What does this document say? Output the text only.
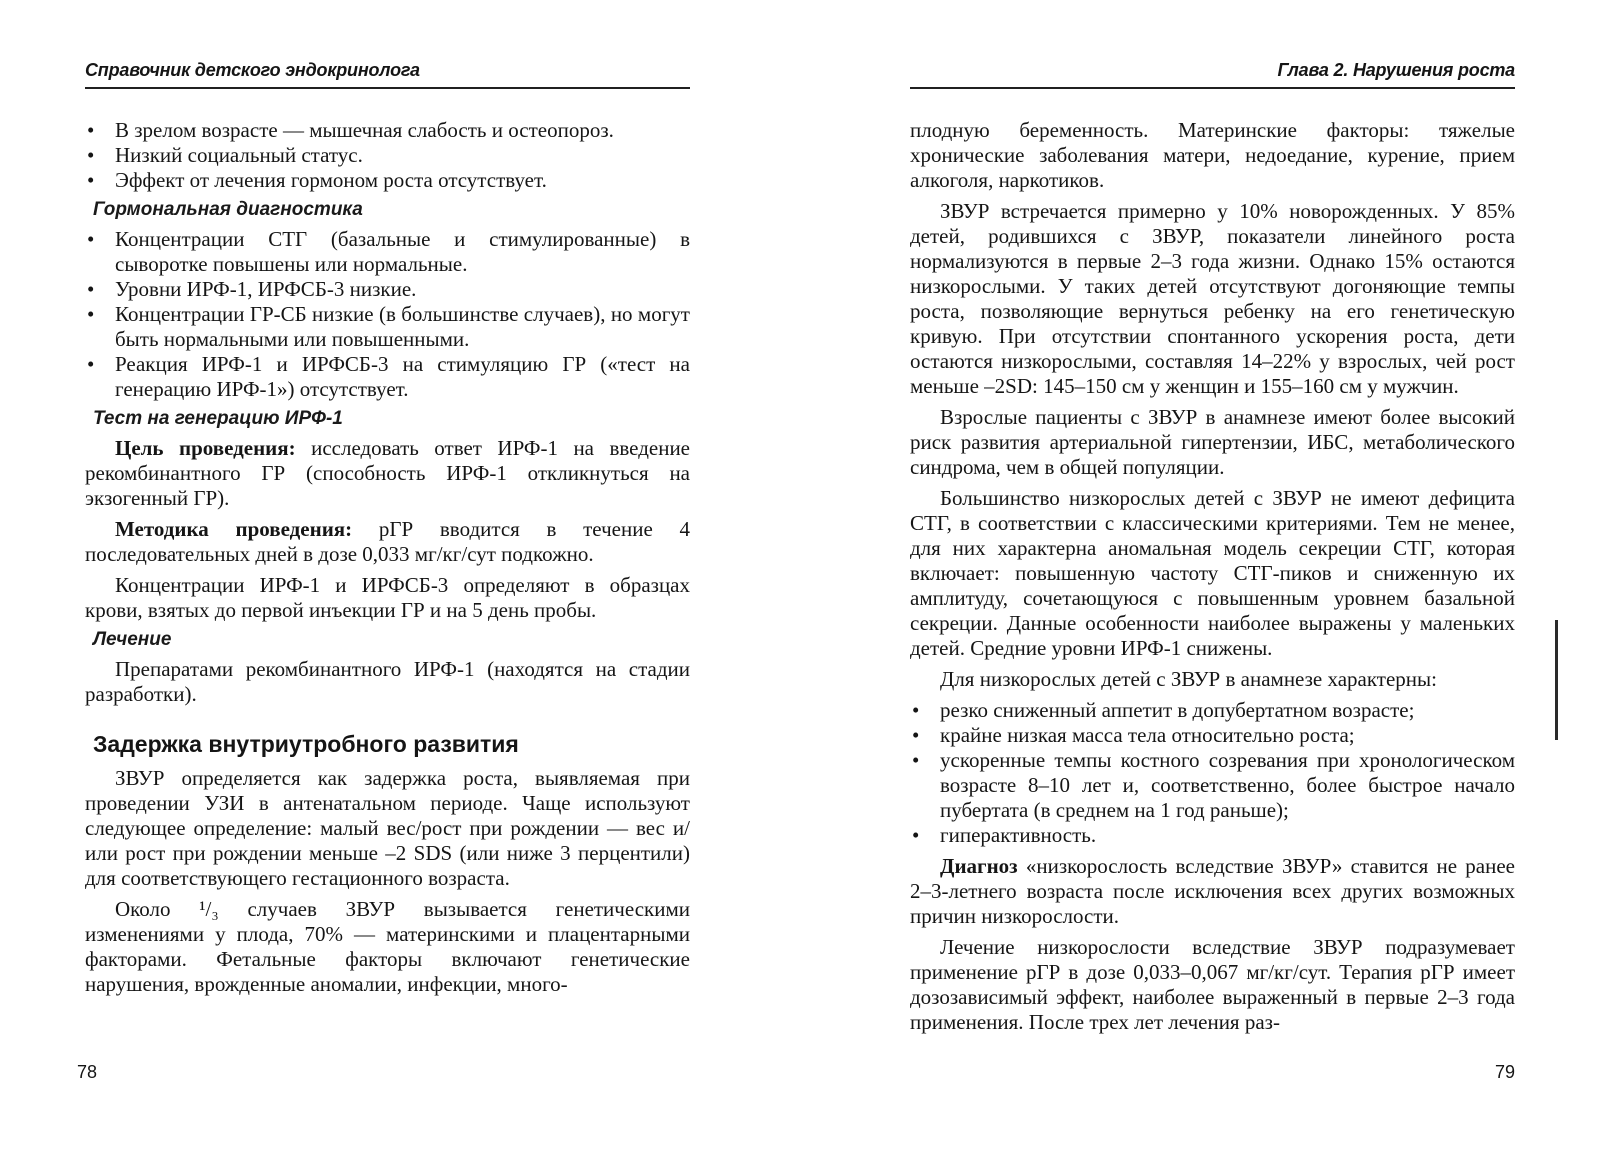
Справочник детского эндокринолога
• В зрелом возрасте — мышечная слабость и остеопороз.
• Низкий социальный статус.
• Эффект от лечения гормоном роста отсутствует.
Гормональная диагностика
• Концентрации СТГ (базальные и стимулированные) в сыворотке повышены или нормальные.
• Уровни ИРФ-1, ИРФСБ-3 низкие.
• Концентрации ГР-СБ низкие (в большинстве случаев), но могут быть нормальными или повышенными.
• Реакция ИРФ-1 и ИРФСБ-3 на стимуляцию ГР («тест на генерацию ИРФ-1») отсутствует.
Тест на генерацию ИРФ-1

Цель проведения: исследовать ответ ИРФ-1 на введение рекомбинантного ГР (способность ИРФ-1 откликнуться на экзогенный ГР).

Методика проведения: рГР вводится в течение 4 последовательных дней в дозе 0,033 мг/кг/сут подкожно.

Концентрации ИРФ-1 и ИРФСБ-3 определяют в образцах крови, взятых до первой инъекции ГР и на 5 день пробы.

Лечение

Препаратами рекомбинантного ИРФ-1 (находятся на стадии разработки).

Задержка внутриутробного развития

ЗВУР определяется как задержка роста, выявляемая при проведении УЗИ в антенатальном периоде. Чаще используют следующее определение: малый вес/рост при рождении — вес и/или рост при рождении меньше –2 SDS (или ниже 3 перцентили) для соответствующего гестационного возраста.

Около ¹/₃ случаев ЗВУР вызывается генетическими изменениями у плода, 70% — материнскими и плацентарными факторами. Фетальные факторы включают генетические нарушения, врожденные аномалии, инфекции, много-

78
Глава 2. Нарушения роста

плодную беременность. Материнские факторы: тяжелые хронические заболевания матери, недоедание, курение, прием алкоголя, наркотиков.

ЗВУР встречается примерно у 10% новорожденных. У 85% детей, родившихся с ЗВУР, показатели линейного роста нормализуются в первые 2–3 года жизни. Однако 15% остаются низкорослыми. У таких детей отсутствуют догоняющие темпы роста, позволяющие вернуться ребенку на его генетическую кривую. При отсутствии спонтанного ускорения роста, дети остаются низкорослыми, составляя 14–22% у взрослых, чей рост меньше –2SD: 145–150 см у женщин и 155–160 см у мужчин.

Взрослые пациенты с ЗВУР в анамнезе имеют более высокий риск развития артериальной гипертензии, ИБС, метаболического синдрома, чем в общей популяции.

Большинство низкорослых детей с ЗВУР не имеют дефицита СТГ, в соответствии с классическими критериями. Тем не менее, для них характерна аномальная модель секреции СТГ, которая включает: повышенную частоту СТГ-пиков и сниженную их амплитуду, сочетающуюся с повышенным уровнем базальной секреции. Данные особенности наиболее выражены у маленьких детей. Средние уровни ИРФ-1 снижены.

Для низкорослых детей с ЗВУР в анамнезе характерны:

• резко сниженный аппетит в допубертатном возрасте;
• крайне низкая масса тела относительно роста;
• ускоренные темпы костного созревания при хронологическом возрасте 8–10 лет и, соответственно, более быстрое начало пубертата (в среднем на 1 год раньше);
• гиперактивность.

Диагноз «низкорослость вследствие ЗВУР» ставится не ранее 2–3-летнего возраста после исключения всех других возможных причин низкорослости.

Лечение низкорослости вследствие ЗВУР подразумевает применение рГР в дозе 0,033–0,067 мг/кг/сут. Терапия рГР имеет дозозависимый эффект, наиболее выраженный в первые 2–3 года применения. После трех лет лечения раз-

79
